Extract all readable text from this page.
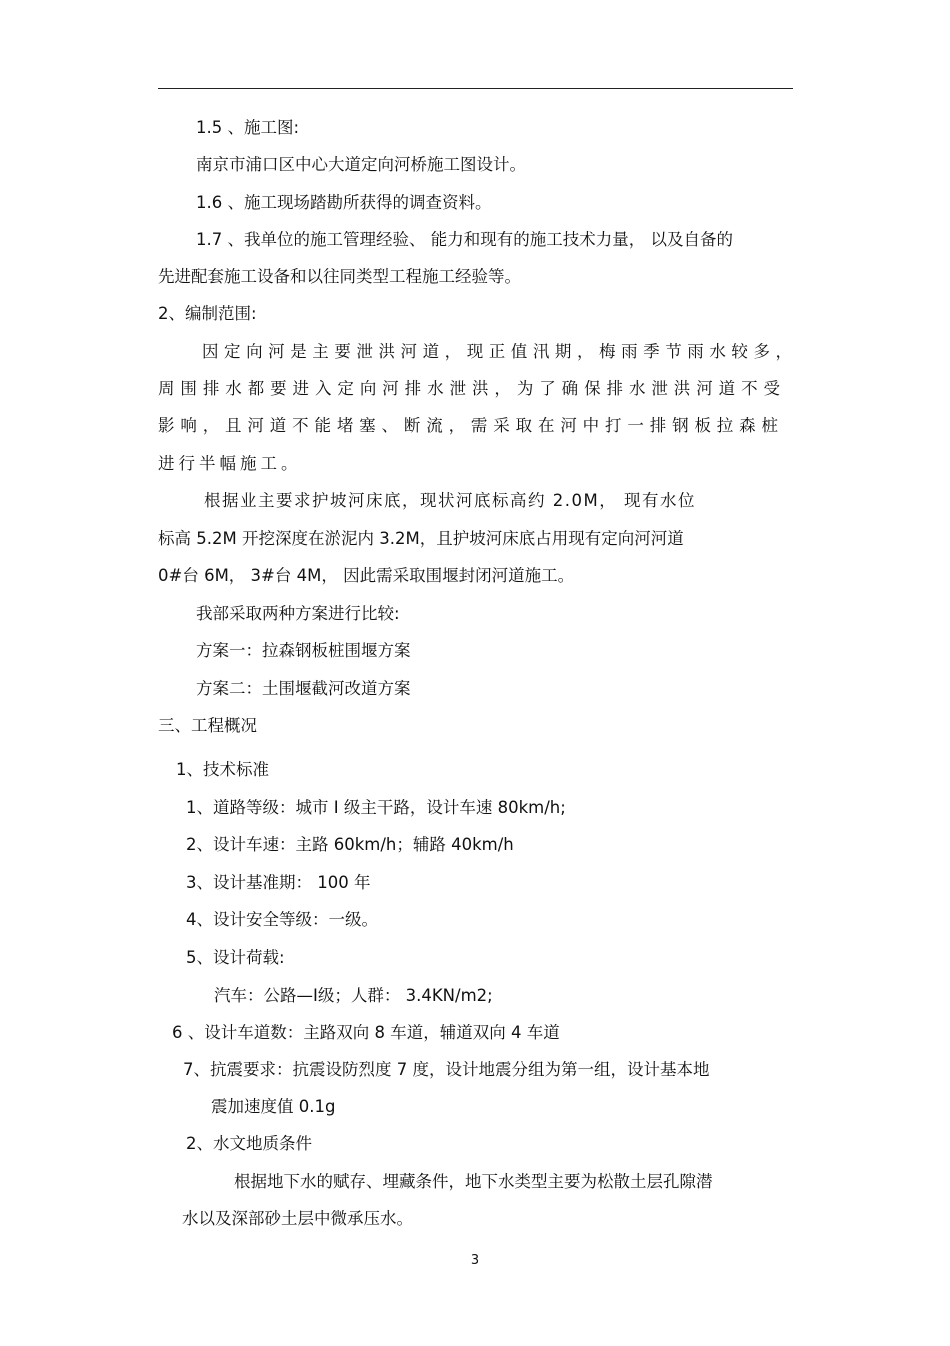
1.5 、施工图:
南京市浦口区中心大道定向河桥施工图设计。
1.6 、施工现场踏勘所获得的调查资料。
1.7 、我单位的施工管理经验、 能力和现有的施工技术力量， 以及自备的
先进配套施工设备和以往同类型工程施工经验等。
2、编制范围:
因定向河是主要泄洪河道，现正值汛期，梅雨季节雨水较多，
周围排水都要进入定向河排水泄洪，为了确保排水泄洪河道不受
影响，且河道不能堵塞、断流，需采取在河中打一排钢板拉森桩
进行半幅施工。
根据业主要求护坡河床底，现状河底标高约 2.0M， 现有水位
标高 5.2M 开挖深度在淤泥内 3.2M，且护坡河床底占用现有定向河河道
0#台 6M， 3#台 4M， 因此需采取围堰封闭河道施工。
我部采取两种方案进行比较:
方案一：拉森钢板桩围堰方案
方案二：土围堰截河改道方案
三、工程概况
1、技术标准
1、道路等级：城市 Ⅰ 级主干路，设计车速 80km/h;
2、设计车速：主路 60km/h；辅路 40km/h
3、设计基准期： 100 年
4、设计安全等级：一级。
5、设计荷载:
汽车：公路—Ⅰ级；人群： 3.4KN/m2;
6 、设计车道数：主路双向 8 车道，辅道双向 4 车道
7、抗震要求：抗震设防烈度 7 度，设计地震分组为第一组，设计基本地
震加速度值 0.1g
2、水文地质条件
根据地下水的赋存、埋藏条件，地下水类型主要为松散土层孔隙潜
水以及深部砂土层中微承压水。
3
